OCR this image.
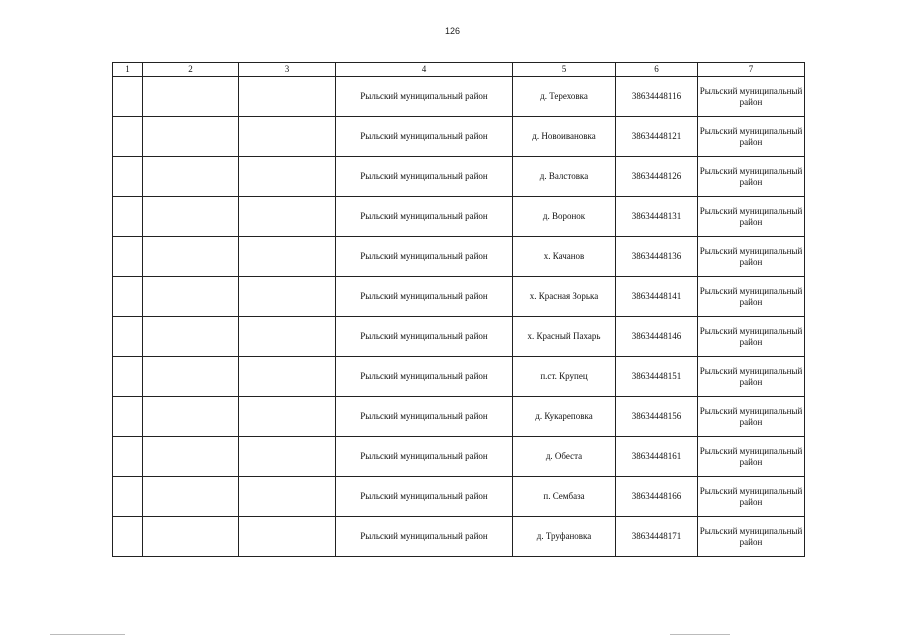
126
1	2	3	4	5	6	7
			Рыльский муниципальный район	д. Тереховка	38634448116	Рыльский муниципальный район
			Рыльский муниципальный район	д. Новоивановка	38634448121	Рыльский муниципальный район
			Рыльский муниципальный район	д. Валстовка	38634448126	Рыльский муниципальный район
			Рыльский муниципальный район	д. Воронок	38634448131	Рыльский муниципальный район
			Рыльский муниципальный район	х. Качанов	38634448136	Рыльский муниципальный район
			Рыльский муниципальный район	х. Красная Зорька	38634448141	Рыльский муниципальный район
			Рыльский муниципальный район	х. Красный Пахарь	38634448146	Рыльский муниципальный район
			Рыльский муниципальный район	п.ст. Крупец	38634448151	Рыльский муниципальный район
			Рыльский муниципальный район	д. Кукареповка	38634448156	Рыльский муниципальный район
			Рыльский муниципальный район	д. Обеста	38634448161	Рыльский муниципальный район
			Рыльский муниципальный район	п. Сембаза	38634448166	Рыльский муниципальный район
			Рыльский муниципальный район	д. Труфановка	38634448171	Рыльский муниципальный район
